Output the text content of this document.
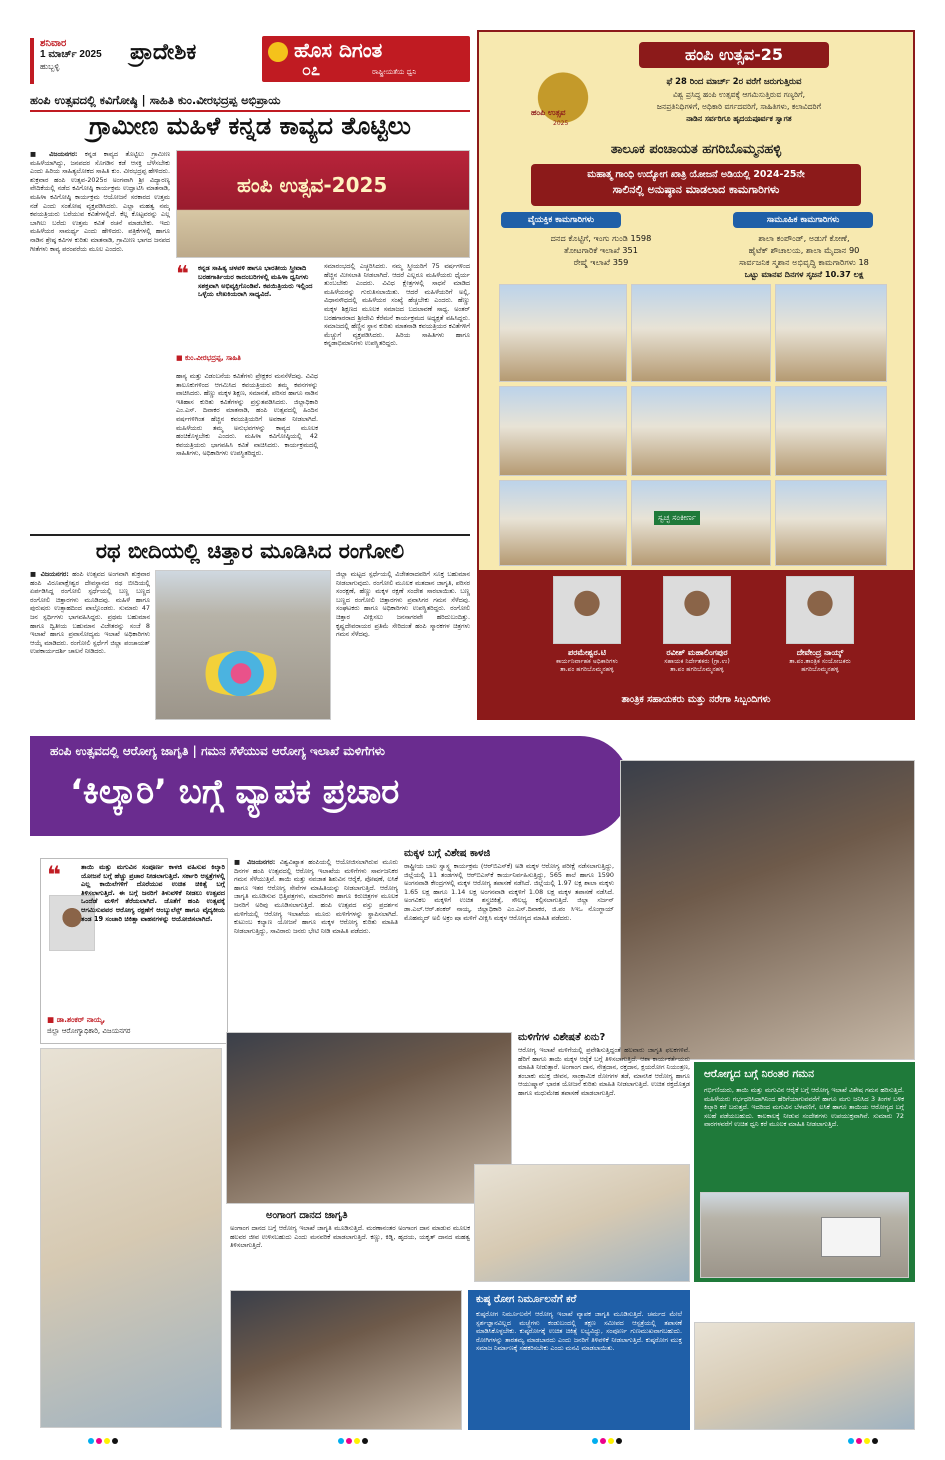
ಶನಿವಾರ
1 ಮಾರ್ಚ್ 2025
ಹುಬ್ಬಳ್ಳಿ
ಪ್ರಾದೇಶಿಕ	ಹೊಸ ದಿಗಂತ
೦೭	ರಾಷ್ಟ್ರೀಯತೆಯ ಧ್ವನಿ
ಹಂಪಿ ಉತ್ಸವದಲ್ಲಿ ಕವಿಗೋಷ್ಠಿ | ಸಾಹಿತಿ ಕುಂ.ವೀರಭದ್ರಪ್ಪ ಅಭಿಪ್ರಾಯ
ಗ್ರಾಮೀಣ ಮಹಿಳೆ ಕನ್ನಡ ಕಾವ್ಯದ ತೊಟ್ಟಿಲು
■ ವಿಜಯನಗರ: ಕನ್ನಡ ಕಾವ್ಯದ ತೊಟ್ಟಿಲು ಗ್ರಾಮೀಣ ಮಹಿಳೆಯಾಗಿದ್ದು, ಜನಪದರ ಸೊಗಡಿನ ಕಡೆ ಆಸಕ್ತಿ ಬೆಳೆಸಬೇಕು ಎಂದು ಹಿರಿಯ ಸಾಹಿತ್ಯಲೋಕದ ಸಾಹಿತಿ ಕುಂ. ವೀರಭದ್ರಪ್ಪ ಹೇಳಿದರು. ಶುಕ್ರವಾರ ಹಂಪಿ ಉತ್ಸವ-2025ರ ಅಂಗವಾಗಿ ಶ್ರೀ ವಿದ್ಯಾರಣ್ಯ ವೇದಿಕೆಯಲ್ಲಿ ನಡೆದ ಕವಿಗೋಷ್ಠಿ ಕಾರ್ಯಕ್ರಮ ಉದ್ಘಾಟಿಸಿ ಮಾತನಾಡಿ, ಮಹಿಳಾ ಕವಿಗೋಷ್ಠಿ ಕಾರ್ಯಕ್ರಮ ಆಯೋಜನೆ ಸರಕಾರದ ಉತ್ತಮ ನಡೆ ಎಂದು ಸಂತೋಷ ವ್ಯಕ್ತಪಡಿಸಿದರು. ಎಲ್ಲಾ ಮಹತ್ವ ನಮ್ಮ ಕವಯತ್ರಿಯರು ಬರೆಯುವ ಕವಿತೆಗಳಲ್ಲಿದೆ. ಕೆಲ್ಲ ಕೊಟ್ಟವರನ್ನು ಎಲ್ಲ ಬಾಗಿಲು ಬರೆದು ಉತ್ತಮ ಕವಿತೆ ರಚನೆ ಮಾಡಬೇಕು. ಇದು ಮಹಿಳೆಯರ ಸಾಮರ್ಥ್ಯ ಎಂದು ಹೇಳಿದರು. ಪತ್ರಿಕೆಗಳಲ್ಲಿ ಹಾಗೂ ನಾಡಿನ ಶ್ರೇಷ್ಠ ಕವಿಗಳ ಕುರಿತು ಮಾತನಾಡಿ, ಗ್ರಾಮೀಣ ಭಾಗದ ಜನಪದ ಗೀತೆಗಳು ಕಾವ್ಯ ಪರಂಪರೆಯ ಮೂಲ ಎಂದರು.
ಹಂಪಿ ಉತ್ಸವ-2025
❝ ಕನ್ನಡ ಸಾಹಿತ್ಯ ಚಳವಳಿ ಹಾಗೂ ಭಾರತೀಯ ಸ್ತ್ರೀವಾದಿ ಬರಹಗಾರ್ತಿಯರ ಕಾದಂಬರಿಗಳಲ್ಲಿ ಮಹಿಳಾ ಧ್ವನಿಗಳು ಸಶಕ್ತವಾಗಿ ಅಭಿವ್ಯಕ್ತಿಗೊಂಡಿವೆ. ಕವಯಿತ್ರಿಯರು ಇಲ್ಲಿಂದ ಒಳ್ಳೆಯ ಲೇಖಕಿಯರಾಗಿ ಸಾಧ್ಯವಿದೆ.
■ ಕುಂ.ವೀರಭದ್ರಪ್ಪ, ಸಾಹಿತಿ
ಹಾಸ್ಯ ಮತ್ತು ವಿಡಂಬನೆಯ ಕವಿತೆಗಳು ಪ್ರೇಕ್ಷಕರ ಮನಸೆಳೆದವು. ವಿವಿಧ ತಾಲೂಕುಗಳಿಂದ ಆಗಮಿಸಿದ ಕವಯತ್ರಿಯರು ತಮ್ಮ ಕವನಗಳನ್ನು ವಾಚಿಸಿದರು. ಹೆಣ್ಣು ಮಕ್ಕಳ ಶಿಕ್ಷಣ, ಸಮಾನತೆ, ಪರಿಸರ ಹಾಗೂ ನಾಡಿನ ಇತಿಹಾಸ ಕುರಿತು ಕವಿತೆಗಳನ್ನು ಪ್ರಸ್ತುತಪಡಿಸಿದರು. ಜಿಲ್ಲಾಧಿಕಾರಿ ಎಂ.ಎಸ್. ದಿವಾಕರ ಮಾತನಾಡಿ, ಹಂಪಿ ಉತ್ಸವದಲ್ಲಿ ಹಿಂದಿನ ವರ್ಷಗಳಿಗಿಂತ ಹೆಚ್ಚಿನ ಕವಯತ್ರಿಯರಿಗೆ ಅವಕಾಶ ನೀಡಲಾಗಿದೆ. ಮಹಿಳೆಯರು ತಮ್ಮ ಅನುಭವಗಳನ್ನು ಕಾವ್ಯದ ಮೂಲಕ ಹಂಚಿಕೊಳ್ಳಬೇಕು ಎಂದರು. ಮಹಿಳಾ ಕವಿಗೋಷ್ಠಿಯಲ್ಲಿ 42 ಕವಯತ್ರಿಯರು ಭಾಗವಹಿಸಿ ಕವಿತೆ ವಾಚಿಸಿದರು. ಕಾರ್ಯಕ್ರಮದಲ್ಲಿ ಸಾಹಿತಿಗಳು, ಅಧಿಕಾರಿಗಳು ಉಪಸ್ಥಿತರಿದ್ದರು.
ಸಮಾರಂಭದಲ್ಲಿ ಎಚ್ಚರಿಸಿದರು. ನಮ್ಮ ಸ್ತ್ರೀಯರಿಗೆ 75 ವರ್ಷಗಳಿಂದ ಹೆಚ್ಚಿನ ಮೀಸಲಾತಿ ನೀಡಲಾಗಿದೆ. ಆದರೆ ಎಲ್ಲರೂ ಮಹಿಳೆಯರು ಧೈರ್ಯ ತುಂಬಬೇಕು ಎಂದರು. ವಿವಿಧ ಕ್ಷೇತ್ರಗಳಲ್ಲಿ ಸಾಧನೆ ಮಾಡಿದ ಮಹಿಳೆಯರನ್ನು ಗುರುತಿಸಲಾಯಿತು. ಆದರೆ ಮಹಿಳೆಯರಿಗೆ ಅಲ್ಲಿ, ವಿಧಾನಸೌಧದಲ್ಲಿ ಮಹಿಳೆಯರ ಸಂಖ್ಯೆ ಹೆಚ್ಚಬೇಕು ಎಂದರು. ಹೆಣ್ಣು ಮಕ್ಕಳ ಶಿಕ್ಷಣದ ಮೂಲಕ ಸಮಾಜದ ಬದಲಾವಣೆ ಸಾಧ್ಯ. ಅಂತರ್ ಬರಹಗಾರರಾದ ಶ್ರೀದೇವಿ ಕೆರೆಮನೆ ಕಾರ್ಯಕ್ರಮದ ಅಧ್ಯಕ್ಷತೆ ವಹಿಸಿದ್ದರು. ಸಮಾಜದಲ್ಲಿ ಹೆಣ್ಣಿನ ಸ್ಥಾನ ಕುರಿತು ಮಾತನಾಡಿ ಕವಯತ್ರಿಯರ ಕವಿತೆಗಳಿಗೆ ಮೆಚ್ಚುಗೆ ವ್ಯಕ್ತಪಡಿಸಿದರು. ಹಿರಿಯ ಸಾಹಿತಿಗಳು ಹಾಗೂ ಕನ್ನಡಾಭಿಮಾನಿಗಳು ಉಪಸ್ಥಿತರಿದ್ದರು.
ರಥ ಬೀದಿಯಲ್ಲಿ ಚಿತ್ತಾರ ಮೂಡಿಸಿದ ರಂಗೋಲಿ
■ ವಿಜಯನಗರ: ಹಂಪಿ ಉತ್ಸವದ ಅಂಗವಾಗಿ ಶುಕ್ರವಾರ ಹಂಪಿ ವಿರೂಪಾಕ್ಷೇಶ್ವರ ದೇವಸ್ಥಾನದ ರಥ ಬೀದಿಯಲ್ಲಿ ಏರ್ಪಡಿಸಿದ್ದ ರಂಗೋಲಿ ಸ್ಪರ್ಧೆಯಲ್ಲಿ ಬಣ್ಣ ಬಣ್ಣದ ರಂಗೋಲಿ ಚಿತ್ತಾರಗಳು ಮೂಡಿದವು. ಮಹಿಳೆ ಹಾಗೂ ಪುರುಷರು ಉತ್ಸಾಹದಿಂದ ಪಾಲ್ಗೊಂಡರು. ಸುಮಾರು 47 ಜನ ಸ್ಪರ್ಧಿಗಳು ಭಾಗವಹಿಸಿದ್ದರು. ಪ್ರಥಮ ಬಹುಮಾನ ಹಾಗೂ ದ್ವಿತೀಯ ಬಹುಮಾನ ವಿಜೇತರನ್ನು ಸಂಜೆ 8 ಇಲಾಖೆ ಹಾಗೂ ಪ್ರವಾಸೋದ್ಯಮ ಇಲಾಖೆ ಅಧಿಕಾರಿಗಳು ಆಯ್ಕೆ ಮಾಡಿದರು. ರಂಗೋಲಿ ಸ್ಪರ್ಧೆಗೆ ಜಿಲ್ಲಾ ಪಂಚಾಯತ್ ಉಪಕಾರ್ಯದರ್ಶಿ ಚಾಲನೆ ನೀಡಿದರು.
ಜಿಲ್ಲಾ ಮಟ್ಟದ ಸ್ಪರ್ಧೆಯಲ್ಲಿ ವಿಜೇತರಾದವರಿಗೆ ಸೂಕ್ತ ಬಹುಮಾನ ನೀಡಲಾಗುವುದು. ರಂಗೋಲಿ ಮೂಲಕ ಮತದಾನ ಜಾಗೃತಿ, ಪರಿಸರ ಸಂರಕ್ಷಣೆ, ಹೆಣ್ಣು ಮಕ್ಕಳ ರಕ್ಷಣೆ ಸಂದೇಶ ಸಾರಲಾಯಿತು. ಬಣ್ಣ ಬಣ್ಣದ ರಂಗೋಲಿ ಚಿತ್ತಾರಗಳು ಪ್ರವಾಸಿಗರ ಗಮನ ಸೆಳೆದವು. ಸಂಘಟಕರು ಹಾಗೂ ಅಧಿಕಾರಿಗಳು ಉಪಸ್ಥಿತರಿದ್ದರು. ರಂಗೋಲಿ ಚಿತ್ತಾರ ವೀಕ್ಷಿಸಲು ಜನಸಾಗರವೇ ಹರಿದುಬಂದಿತ್ತು. ಕೃಷ್ಣದೇವರಾಯರ ಪ್ರತಿಮೆ ಸೇರಿದಂತೆ ಹಂಪಿ ಸ್ಮಾರಕಗಳ ಚಿತ್ರಗಳು ಗಮನ ಸೆಳೆದವು.
ಹಂಪಿ ಉತ್ಸವ
2025
ಹಂಪಿ ಉತ್ಸವ-25
ಫೆ 28 ರಿಂದ ಮಾರ್ಚ್ 2ರ ವರೆಗೆ ಜರುಗುತ್ತಿರುವ
ವಿಶ್ವ ಪ್ರಸಿದ್ಧ ಹಂಪಿ ಉತ್ಸವಕ್ಕೆ ಆಗಮಿಸುತ್ತಿರುವ ಗಣ್ಯರಿಗೆ,
ಜನಪ್ರತಿನಿಧಿಗಳಿಗೆ, ಅಧಿಕಾರಿ ವರ್ಗದವರಿಗೆ, ಸಾಹಿತಿಗಳು, ಕಲಾವಿದರಿಗೆ
ನಾಡಿನ ಸರ್ವರಿಗೂ ಹೃದಯಪೂರ್ವಕ ಸ್ವಾಗತ
ತಾಲೂಕ ಪಂಚಾಯತ ಹಗರಿಬೊಮ್ಮನಹಳ್ಳಿ
ಮಹಾತ್ಮ ಗಾಂಧಿ ಉದ್ಯೋಗ ಖಾತ್ರಿ ಯೋಜನೆ ಅಡಿಯಲ್ಲಿ 2024-25ನೇ
ಸಾಲಿನಲ್ಲಿ ಅನುಷ್ಠಾನ ಮಾಡಲಾದ ಕಾಮಗಾರಿಗಳು
ವೈಯಕ್ತಿಕ ಕಾಮಗಾರಿಗಳು
ದನದ ಕೊಟ್ಟಿಗೆ, ಇಂಗು ಗುಂಡಿ 1598
ತೋಟಗಾರಿಕೆ ಇಲಾಖೆ 351
ರೇಷ್ಮೆ ಇಲಾಖೆ 359
ಸಾಮೂಹಿಕ ಕಾಮಗಾರಿಗಳು
ಶಾಲಾ ಕಂಪೌಂಡ್, ಅಡುಗೆ ಕೋಣೆ,
ಹೈಟೆಕ್ ಶೌಚಾಲಯ, ಶಾಲಾ ಮೈದಾನ 90
ಸಾರ್ವಜನಿಕ ಸ್ಮಶಾನ ಅಭಿವೃದ್ಧಿ ಕಾಮಗಾರಿಗಳು 18
ಒಟ್ಟು ಮಾನವ ದಿನಗಳ ಸೃಜನೆ 10.37 ಲಕ್ಷ
ಸ್ವಚ್ಛ ಸಂಕೀರ್ಣ
ಪರಮೇಶ್ವರ.ಟಿ
ಕಾರ್ಯನಿರ್ವಾಹಕ ಅಧಿಕಾರಿಗಳು
ತಾ.ಪಂ ಹಗರಿಬೊಮ್ಮನಹಳ್ಳಿ
ರವೀಶ್ ಮಹಾಲಿಂಗಪುರ
ಸಹಾಯಕ ನಿರ್ದೇಶಕರು (ಗ್ರಾ.ಉ)
ತಾ.ಪಂ ಹಗರಿಬೊಮ್ಮನಹಳ್ಳಿ
ದೇವೇಂದ್ರ ನಾಯ್ಕ್
ತಾ.ಪಂ.ತಾಂತ್ರಿಕ ಸಂಯೋಜಕರು
ಹಗರಿಬೊಮ್ಮನಹಳ್ಳಿ
ತಾಂತ್ರಿಕ ಸಹಾಯಕರು ಮತ್ತು ನರೇಗಾ ಸಿಬ್ಬಂದಿಗಳು
ಹಂಪಿ ಉತ್ಸವದಲ್ಲಿ ಆರೋಗ್ಯ ಜಾಗೃತಿ | ಗಮನ ಸೆಳೆಯುವ ಆರೋಗ್ಯ ಇಲಾಖೆ ಮಳಿಗೆಗಳು
‘ಕಿಲ್ಕಾರಿ’ ಬಗ್ಗೆ ವ್ಯಾಪಕ ಪ್ರಚಾರ
❝	ತಾಯಿ ಮತ್ತು ಮಗುವಿನ ಸಂಪೂರ್ಣ ಕಾಳಜಿ ವಹಿಸುವ ಕಿಲ್ಕಾರಿ ಯೋಜನೆ ಬಗ್ಗೆ ಹೆಚ್ಚು ಪ್ರಚಾರ ನೀಡಲಾಗುತ್ತಿದೆ. ಸರ್ಕಾರಿ ಆಸ್ಪತ್ರೆಗಳಲ್ಲಿ ಎಲ್ಲ ಕಾಯಿಲೆಗಳಿಗೆ ದೊರೆಯುವ ಉಚಿತ ಚಿಕಿತ್ಸೆ ಬಗ್ಗೆ ತಿಳಿಸಲಾಗುತ್ತಿದೆ. ಈ ಬಗ್ಗೆ ಜನರಿಗೆ ತಿಳುವಳಿಕೆ ನೀಡಲು ಉತ್ಸವದ ಒಂದೆಡೆ ಮಳಿಗೆ ತೆರೆಯಲಾಗಿದೆ. ಜೊತೆಗೆ ಹಂಪಿ ಉತ್ಸವಕ್ಕೆ ಆಗಮಿಸುವವರ ಆರೋಗ್ಯ ರಕ್ಷಣೆಗೆ ಆಂಬ್ಯುಲೆನ್ಸ್ ಹಾಗೂ ವೈದ್ಯಕೀಯ ತಂಡ 19 ಸಂಚಾರಿ ಚಿಕಿತ್ಸಾ ವಾಹನಗಳನ್ನು ಆಯೋಜಿಸಲಾಗಿದೆ.
■ ಡಾ.ಶಂಕರ್ ನಾಯ್ಕ,
ಜಿಲ್ಲಾ ಆರೋಗ್ಯಾಧಿಕಾರಿ, ವಿಜಯನಗರ
■ ವಿಜಯನಗರ: ವಿಶ್ವವಿಖ್ಯಾತ ಹಂಪಿಯಲ್ಲಿ ಆಯೋಜಿಸಲಾಗಿರುವ ಮೂರು ದಿನಗಳ ಹಂಪಿ ಉತ್ಸವದಲ್ಲಿ ಆರೋಗ್ಯ ಇಲಾಖೆಯ ಮಳಿಗೆಗಳು ಸಾರ್ವಜನಿಕರ ಗಮನ ಸೆಳೆಯುತ್ತಿವೆ. ತಾಯಿ ಮತ್ತು ನವಜಾತ ಶಿಶುವಿನ ಆರೈಕೆ, ಪೋಷಣೆ, ಲಸಿಕೆ ಹಾಗೂ ಇತರ ಆರೋಗ್ಯ ಸೇವೆಗಳ ಮಾಹಿತಿಯನ್ನು ನೀಡಲಾಗುತ್ತಿದೆ. ಆರೋಗ್ಯ ಜಾಗೃತಿ ಮೂಡಿಸುವ ಭಿತ್ತಿಪತ್ರಗಳು, ಮಾದರಿಗಳು ಹಾಗೂ ಕಿರುಚಿತ್ರಗಳ ಮೂಲಕ ಜನರಿಗೆ ಅರಿವು ಮೂಡಿಸಲಾಗುತ್ತಿದೆ. ಹಂಪಿ ಉತ್ಸವದ ವಸ್ತು ಪ್ರದರ್ಶನ ಮಳಿಗೆಯಲ್ಲಿ ಆರೋಗ್ಯ ಇಲಾಖೆಯ ಮೂರು ಮಳಿಗೆಗಳನ್ನು ಸ್ಥಾಪಿಸಲಾಗಿದೆ. ಕುಟುಂಬ ಕಲ್ಯಾಣ ಯೋಜನೆ ಹಾಗೂ ಮಕ್ಕಳ ಆರೋಗ್ಯ ಕುರಿತು ಮಾಹಿತಿ ನೀಡಲಾಗುತ್ತಿದ್ದು, ಸಾವಿರಾರು ಜನರು ಭೇಟಿ ನೀಡಿ ಮಾಹಿತಿ ಪಡೆದರು.
ಮಕ್ಕಳ ಬಗ್ಗೆ ವಿಶೇಷ ಕಾಳಜಿ
ರಾಷ್ಟ್ರೀಯ ಬಾಲ ಸ್ವಾಸ್ಥ್ಯ ಕಾರ್ಯಕ್ರಮ (ಆರ್‌ಬಿಎಸ್‌ಕೆ) ಅಡಿ ಮಕ್ಕಳ ಆರೋಗ್ಯ ಪರೀಕ್ಷೆ ನಡೆಸಲಾಗುತ್ತಿದ್ದು, ಜಿಲ್ಲೆಯಲ್ಲಿ 11 ತಂಡಗಳಲ್ಲಿ ಆರ್‌ಬಿಎಸ್‌ಕೆ ಕಾರ್ಯನಿರ್ವಹಿಸುತ್ತಿದ್ದು, 565 ಶಾಲೆ ಹಾಗೂ 1590 ಅಂಗನವಾಡಿ ಕೇಂದ್ರಗಳಲ್ಲಿ ಮಕ್ಕಳ ಆರೋಗ್ಯ ತಪಾಸಣೆ ನಡೆಸಿದೆ. ಜಿಲ್ಲೆಯಲ್ಲಿ 1.97 ಲಕ್ಷ ಶಾಲಾ ಮಕ್ಕಳು 1.65 ಲಕ್ಷ ಹಾಗೂ 1.14 ಲಕ್ಷ ಅಂಗನವಾಡಿ ಮಕ್ಕಳಿಗೆ 1.08 ಲಕ್ಷ ಮಕ್ಕಳ ತಪಾಸಣೆ ನಡೆಸಿದೆ. ಅಂಗವಿಕಲ ಮಕ್ಕಳಿಗೆ ಉಚಿತ ಶಸ್ತ್ರಚಿಕಿತ್ಸೆ, ಸೌಲಭ್ಯ ಕಲ್ಪಿಸಲಾಗುತ್ತಿದೆ. ಜಿಲ್ಲಾ ಸರ್ಜನ್ ಡಾ.ಎಲ್.ಆರ್.ಶಂಕರ್ ನಾಯ್ಕ, ಜಿಲ್ಲಾಧಿಕಾರಿ ಎಂ.ಎಸ್.ದಿವಾಕರ, ಜಿ.ಪಂ ಸಿಇಒ ನೊಂಗ್ಜಾಯ್ ಮೊಹಮ್ಮದ್ ಅಲಿ ಅಕ್ರಂ ಷಾ ಮಳಿಗೆ ವೀಕ್ಷಿಸಿ ಮಕ್ಕಳ ಆರೋಗ್ಯದ ಮಾಹಿತಿ ಪಡೆದರು.
ಮಳಿಗೆಗಳ ವಿಶೇಷತೆ ಏನು?
ಆರೋಗ್ಯ ಇಲಾಖೆ ಮಳಿಗೆಯಲ್ಲಿ ಪ್ರವೇಶಿಸುತ್ತಿದ್ದಂತೆ ಹಲವಾರು ಜಾಗೃತಿ ಫಲಕಗಳಿವೆ. ಹೆರಿಗೆ ಹಾಗೂ ತಾಯಿ ಮಕ್ಕಳ ಆರೈಕೆ ಬಗ್ಗೆ ತಿಳಿಸಲಾಗುತ್ತಿದೆ. ಆಶಾ ಕಾರ್ಯಕರ್ತೆಯರು ಮಾಹಿತಿ ನೀಡುತ್ತಾರೆ. ಅಂಗಾಂಗ ದಾನ, ನೇತ್ರದಾನ, ರಕ್ತದಾನ, ಕ್ಷಯರೋಗ ನಿಯಂತ್ರಣ, ತಂಬಾಕು ಮುಕ್ತ ಜೀವನ, ಸಾಂಕ್ರಾಮಿಕ ರೋಗಗಳ ತಡೆ, ಮಾನಸಿಕ ಆರೋಗ್ಯ ಹಾಗೂ ಆಯುಷ್ಮಾನ್ ಭಾರತ ಯೋಜನೆ ಕುರಿತು ಮಾಹಿತಿ ನೀಡಲಾಗುತ್ತಿದೆ. ಉಚಿತ ರಕ್ತದೊತ್ತಡ ಹಾಗೂ ಮಧುಮೇಹ ತಪಾಸಣೆ ಮಾಡಲಾಗುತ್ತಿದೆ.
ಆರೋಗ್ಯದ ಬಗ್ಗೆ ನಿರಂತರ ಗಮನ
ಗರ್ಭಿಣಿಯರು, ತಾಯಿ ಮತ್ತು ಮಗುವಿನ ಆರೈಕೆ ಬಗ್ಗೆ ಆರೋಗ್ಯ ಇಲಾಖೆ ವಿಶೇಷ ಗಮನ ಹರಿಸುತ್ತಿದೆ. ಮಹಿಳೆಯರು ಗರ್ಭಧರಿಸಿದಾಗಿನಿಂದ ಹೆರಿಗೆಯಾಗುವವರೆಗೆ ಹಾಗೂ ಮಗು ಜನಿಸಿದ 3 ತಿಂಗಳ ಬಳಿಕ ಕಿಲ್ಕಾರಿ ಕರೆ ಬರುತ್ತದೆ. ಇದರಿಂದ ಮಗುವಿನ ಬೆಳವಣಿಗೆ, ಲಸಿಕೆ ಹಾಗೂ ತಾಯಿಯ ಆರೋಗ್ಯದ ಬಗ್ಗೆ ಸಲಹೆ ಪಡೆಯಬಹುದು. ಕಾಲಕಾಲಕ್ಕೆ ನೀಡುವ ಸಂದೇಶಗಳು ಉಪಯುಕ್ತವಾಗಿವೆ. ಸುಮಾರು 72 ವಾರಗಳವರೆಗೆ ಉಚಿತ ಧ್ವನಿ ಕರೆ ಮೂಲಕ ಮಾಹಿತಿ ನೀಡಲಾಗುತ್ತಿದೆ.
ಅಂಗಾಂಗ ದಾನದ ಜಾಗೃತಿ
ಅಂಗಾಂಗ ದಾನದ ಬಗ್ಗೆ ಆರೋಗ್ಯ ಇಲಾಖೆ ಜಾಗೃತಿ ಮೂಡಿಸುತ್ತಿದೆ. ಮರಣಾನಂತರ ಅಂಗಾಂಗ ದಾನ ಮಾಡುವ ಮೂಲಕ ಹಲವರ ಜೀವ ಉಳಿಸಬಹುದು ಎಂದು ಮನವರಿಕೆ ಮಾಡಲಾಗುತ್ತಿದೆ. ಕಣ್ಣು, ಕಿಡ್ನಿ, ಹೃದಯ, ಯಕೃತ್ ದಾನದ ಮಹತ್ವ ತಿಳಿಸಲಾಗುತ್ತಿದೆ.
ಕುಷ್ಠ ರೋಗ ನಿರ್ಮೂಲನೆಗೆ ಕರೆ
ಕುಷ್ಠರೋಗ ನಿರ್ಮೂಲನೆಗೆ ಆರೋಗ್ಯ ಇಲಾಖೆ ವ್ಯಾಪಕ ಜಾಗೃತಿ ಮೂಡಿಸುತ್ತಿದೆ. ಚರ್ಮದ ಮೇಲೆ ಸ್ಪರ್ಶಜ್ಞಾನವಿಲ್ಲದ ಮಚ್ಚೆಗಳು ಕಂಡುಬಂದಲ್ಲಿ ತಕ್ಷಣ ಸಮೀಪದ ಆಸ್ಪತ್ರೆಯಲ್ಲಿ ತಪಾಸಣೆ ಮಾಡಿಸಿಕೊಳ್ಳಬೇಕು. ಕುಷ್ಠರೋಗಕ್ಕೆ ಉಚಿತ ಚಿಕಿತ್ಸೆ ಲಭ್ಯವಿದ್ದು, ಸಂಪೂರ್ಣ ಗುಣಮುಖವಾಗಬಹುದು. ರೋಗಿಗಳನ್ನು ತಾರತಮ್ಯ ಮಾಡಬಾರದು ಎಂದು ಜನರಿಗೆ ತಿಳಿವಳಿಕೆ ನೀಡಲಾಗುತ್ತಿದೆ. ಕುಷ್ಠರೋಗ ಮುಕ್ತ ಸಮಾಜ ನಿರ್ಮಾಣಕ್ಕೆ ಸಹಕರಿಸಬೇಕು ಎಂದು ಮನವಿ ಮಾಡಲಾಯಿತು.
